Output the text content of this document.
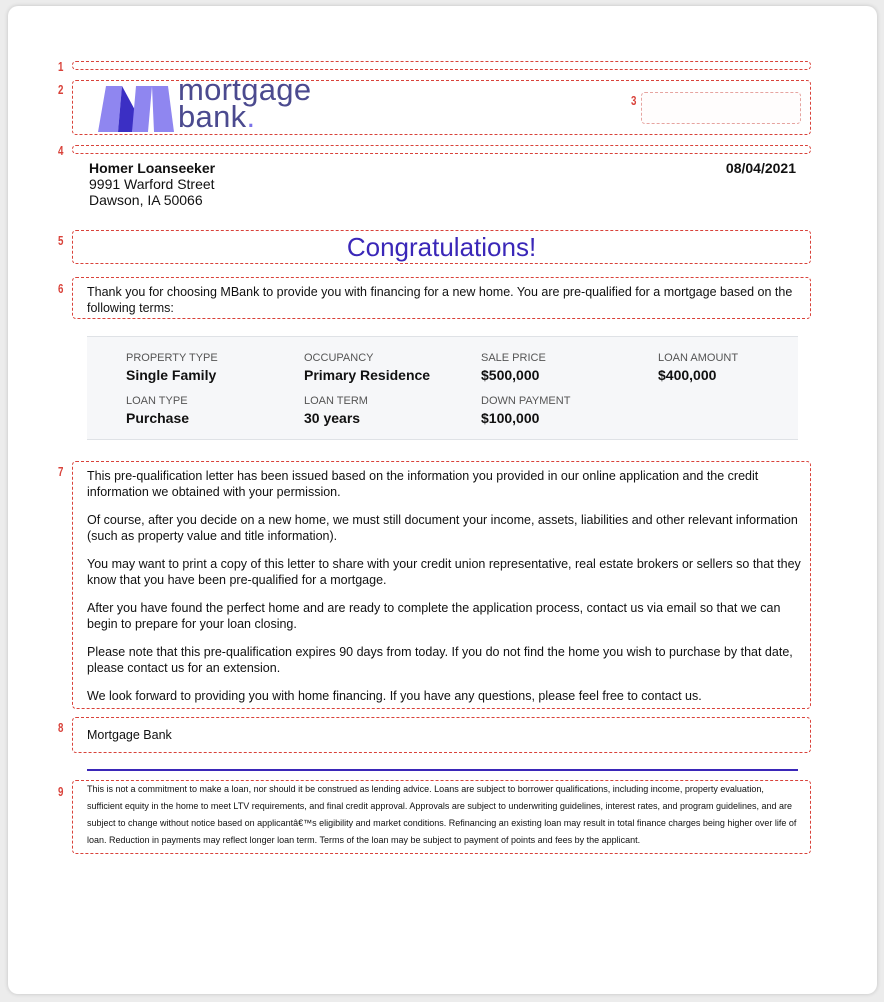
1
2
3
4
5
6
7
8
9
mortgage
bank.
Homer Loanseeker
9991 Warford Street
Dawson, IA 50066
08/04/2021
Congratulations!
Thank you for choosing MBank to provide you with financing for a new home. You are pre-qualified for a mortgage based on the following terms:
PROPERTY TYPE
Single Family
OCCUPANCY
Primary Residence
SALE PRICE
$500,000
LOAN AMOUNT
$400,000
LOAN TYPE
Purchase
LOAN TERM
30 years
DOWN PAYMENT
$100,000

This pre-qualification letter has been issued based on the information you provided in our online application and the credit information we obtained with your permission.

Of course, after you decide on a new home, we must still document your income, assets, liabilities and other relevant information (such as property value and title information).

You may want to print a copy of this letter to share with your credit union representative, real estate brokers or sellers so that they know that you have been pre-qualified for a mortgage.

After you have found the perfect home and are ready to complete the application process, contact us via email so that we can begin to prepare for your loan closing.

Please note that this pre-qualification expires 90 days from today. If you do not find the home you wish to purchase by that date, please contact us for an extension.

We look forward to providing you with home financing. If you have any questions, please feel free to contact us.

Mortgage Bank
This is not a commitment to make a loan, nor should it be construed as lending advice. Loans are subject to borrower qualifications, including income, property evaluation, sufficient equity in the home to meet LTV requirements, and final credit approval. Approvals are subject to underwriting guidelines, interest rates, and program guidelines, and are subject to change without notice based on applicantâ€™s eligibility and market conditions. Refinancing an existing loan may result in total finance charges being higher over life of loan. Reduction in payments may reflect longer loan term. Terms of the loan may be subject to payment of points and fees by the applicant.
